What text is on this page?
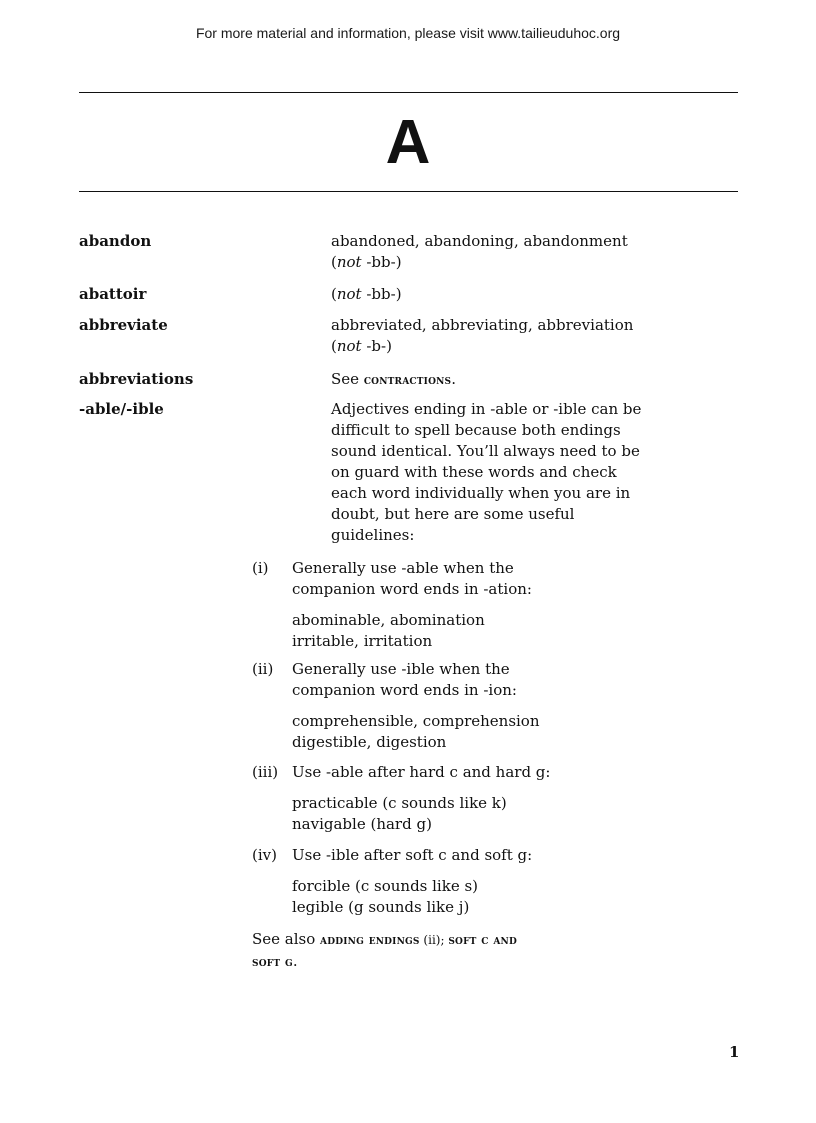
For more material and information, please visit www.tailieuduhoc.org
A
abandon	abandoned, abandoning, abandonment

(not -bb-)

abattoir	(not -bb-)

abbreviate	abbreviated, abbreviating, abbreviation

(not -b-)

abbreviations	See contractions.

-able/-ible	Adjectives ending in -able or -ible can be

difficult to spell because both endings

sound identical. You’ll always need to be

on guard with these words and check

each word individually when you are in

doubt, but here are some useful

guidelines:

(i) Generally use -able when the
companion word ends in -ation:
abominable, abomination
irritable, irritation
(ii) Generally use -ible when the
companion word ends in -ion:
comprehensible, comprehension
digestible, digestion
(iii) Use -able after hard c and hard g:
practicable (c sounds like k)
navigable (hard g)
(iv) Use -ible after soft c and soft g:
forcible (c sounds like s)
legible (g sounds like j)
See also adding endings (ii); soft c and
soft g.
1
